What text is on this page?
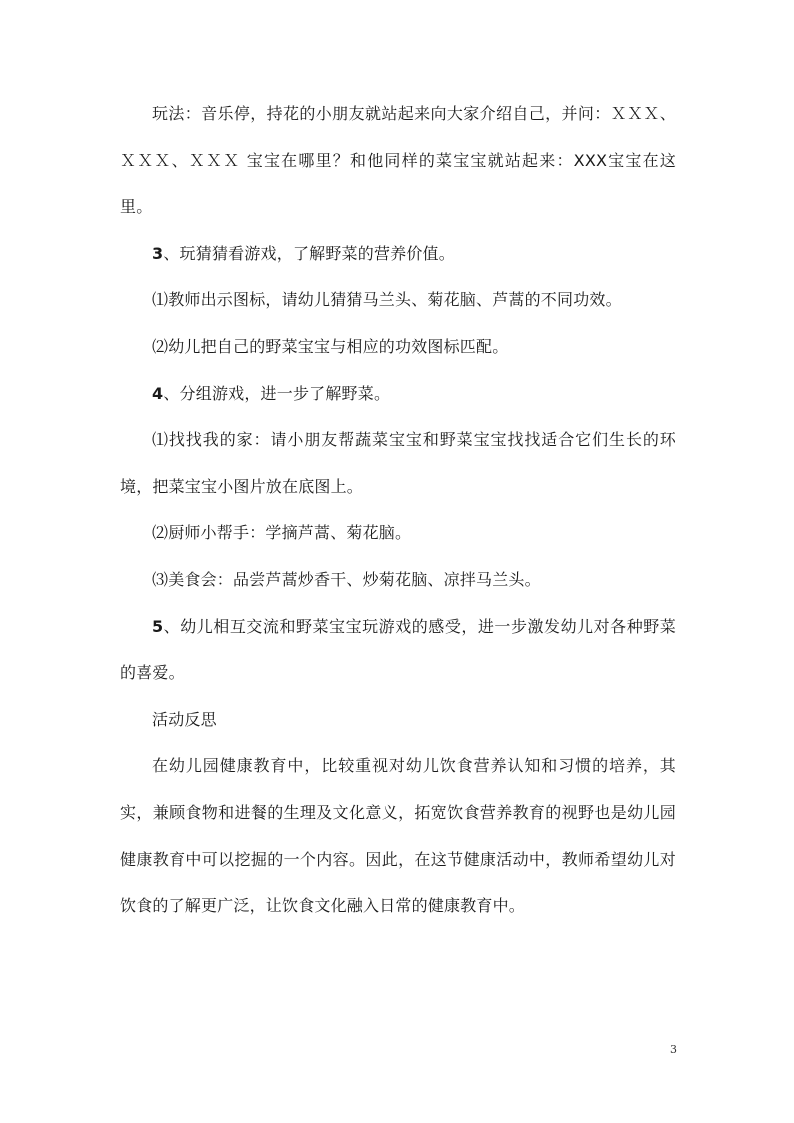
玩法：音乐停，持花的小朋友就站起来向大家介绍自己，并问：ＸＸＸ、ＸＸＸ、ＸＸＸ 宝宝在哪里？和他同样的菜宝宝就站起来：XXX宝宝在这里。

3、玩猜猜看游戏，了解野菜的营养价值。

⑴教师出示图标，请幼儿猜猜马兰头、菊花脑、芦蒿的不同功效。

⑵幼儿把自己的野菜宝宝与相应的功效图标匹配。

4、分组游戏，进一步了解野菜。

⑴找找我的家：请小朋友帮蔬菜宝宝和野菜宝宝找找适合它们生长的环境，把菜宝宝小图片放在底图上。

⑵厨师小帮手：学摘芦蒿、菊花脑。

⑶美食会：品尝芦蒿炒香干、炒菊花脑、凉拌马兰头。

5、幼儿相互交流和野菜宝宝玩游戏的感受，进一步激发幼儿对各种野菜的喜爱。

活动反思

在幼儿园健康教育中，比较重视对幼儿饮食营养认知和习惯的培养，其实，兼顾食物和进餐的生理及文化意义，拓宽饮食营养教育的视野也是幼儿园健康教育中可以挖掘的一个内容。因此，在这节健康活动中，教师希望幼儿对饮食的了解更广泛，让饮食文化融入日常的健康教育中。

3
